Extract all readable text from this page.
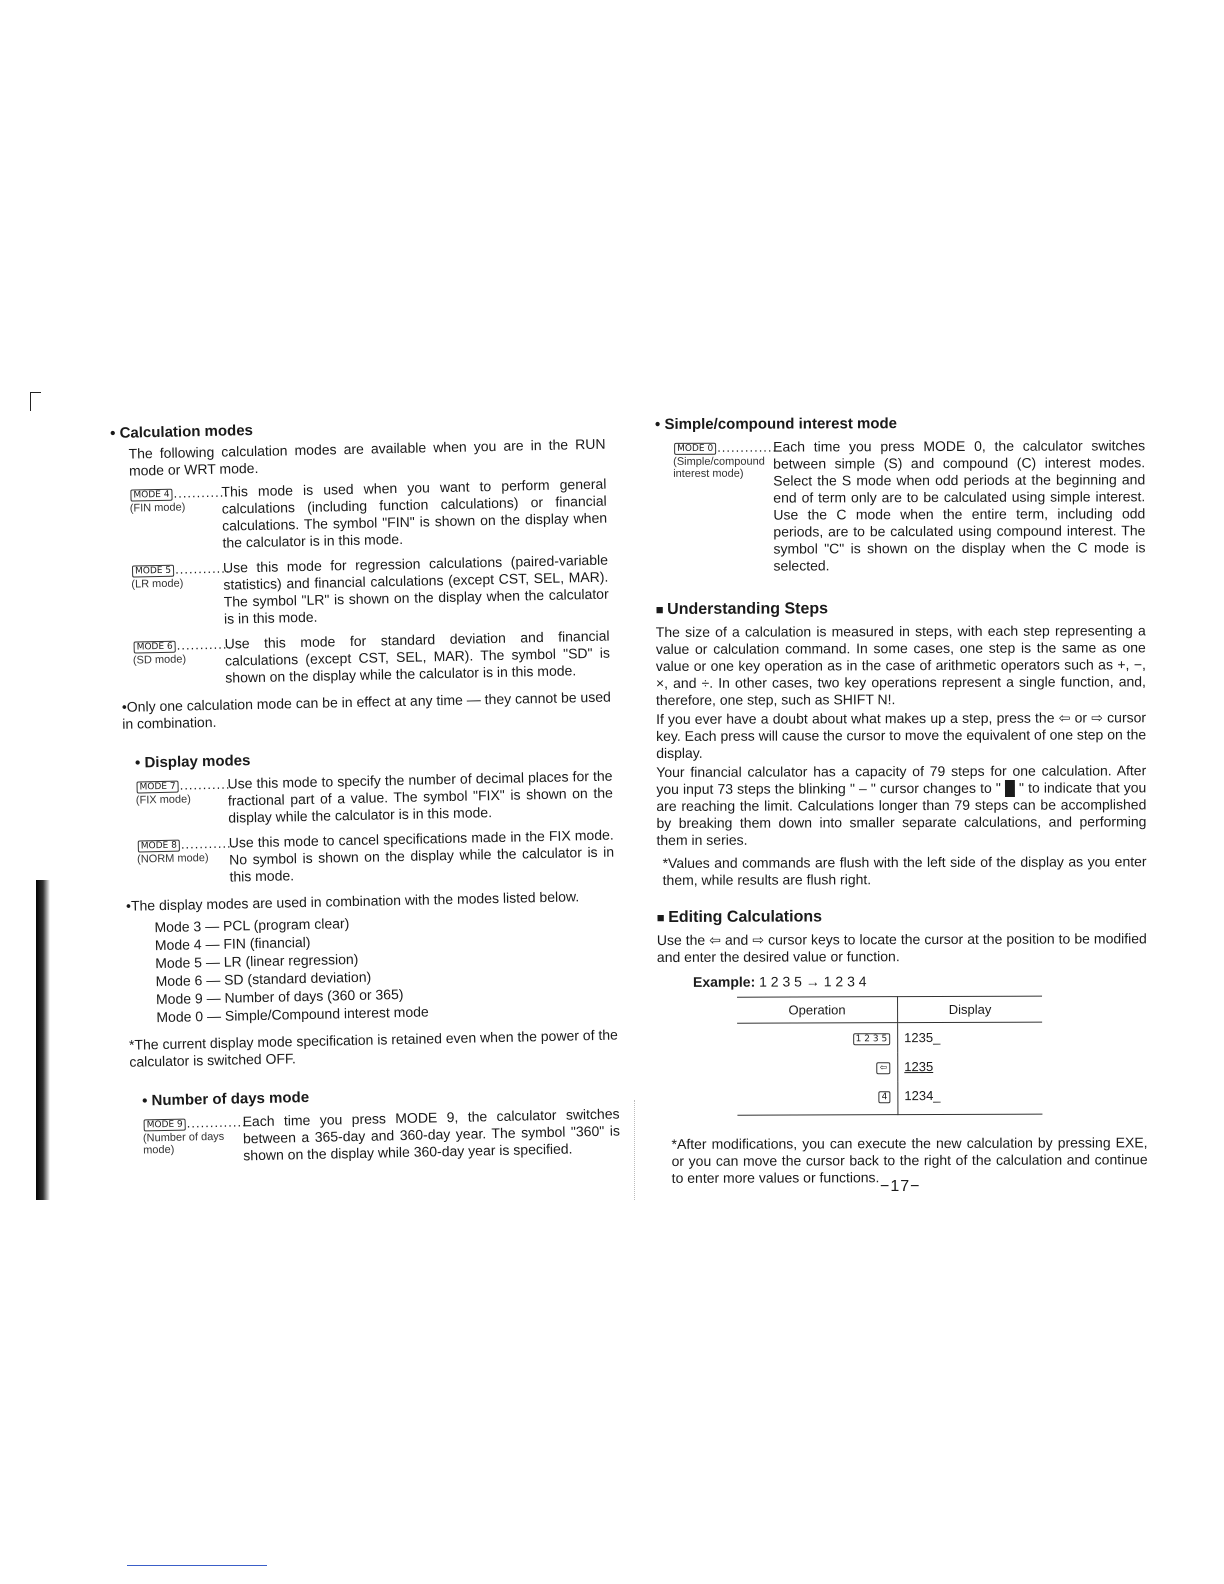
• Calculation modes

The following calculation modes are available when you are in the RUN mode or WRT mode.

MODE 4 ............
(FIN mode)
This mode is used when you want to perform general calculations (including function calculations) or financial calculations. The symbol "FIN" is shown on the display when the calculator is in this mode.
MODE 5 ............
(LR mode)
Use this mode for regression calculations (paired-variable statistics) and financial calculations (except CST, SEL, MAR). The symbol "LR" is shown on the display when the calculator is in this mode.
MODE 6 ............
(SD mode)
Use this mode for standard deviation and financial calculations (except CST, SEL, MAR). The symbol "SD" is shown on the display while the calculator is in this mode.

•Only one calculation mode can be in effect at any time — they cannot be used in combination.

• Display modes
MODE 7 ............
(FIX mode)
Use this mode to specify the number of decimal places for the fractional part of a value. The symbol "FIX" is shown on the display while the calculator is in this mode.
MODE 8 ............
(NORM mode)
Use this mode to cancel specifications made in the FIX mode. No symbol is shown on the display while the calculator is in this mode.

•The display modes are used in combination with the modes listed below.

Mode 3 — PCL (program clear)
Mode 4 — FIN (financial)
Mode 5 — LR (linear regression)
Mode 6 — SD (standard deviation)
Mode 9 — Number of days (360 or 365)
Mode 0 — Simple/Compound interest mode

*The current display mode specification is retained even when the power of the calculator is switched OFF.

• Number of days mode
MODE 9 .............
(Number of days mode)
Each time you press MODE 9, the calculator switches between a 365-day and 360-day year. The symbol "360" is shown on the display while 360-day year is specified.
• Simple/compound interest mode
MODE 0 .............
(Simple/compound interest mode)
Each time you press MODE 0, the calculator switches between simple (S) and compound (C) interest modes. Select the S mode when odd periods at the beginning and end of term only are to be calculated using simple interest. Use the C mode when the entire term, including odd periods, are to be calculated using compound interest. The symbol "C" is shown on the display when the C mode is selected.
■ Understanding Steps

The size of a calculation is measured in steps, with each step representing a value or calculation command. In some cases, one step is the same as one value or one key operation as in the case of arithmetic operators such as +, −, ×, and ÷. In other cases, two key operations represent a single function, and, therefore, one step, such as SHIFT N!.

If you ever have a doubt about what makes up a step, press the ⇦ or ⇨ cursor key. Each press will cause the cursor to move the equivalent of one step on the display.

Your financial calculator has a capacity of 79 steps for one calculation. After you input 73 steps the blinking " – " cursor changes to " █ " to indicate that you are reaching the limit. Calculations longer than 79 steps can be accomplished by breaking them down into smaller separate calculations, and performing them in series.

*Values and commands are flush with the left side of the display as you enter them, while results are flush right.

■ Editing Calculations

Use the ⇦ and ⇨ cursor keys to locate the cursor at the position to be modified and enter the desired value or function.

Example: 1 2 3 5 → 1 2 3 4
Operation	Display
1 2 3 5	1235_
⇦	1235
4	1234_

*After modifications, you can execute the new calculation by pressing EXE, or you can move the cursor back to the right of the calculation and continue to enter more values or functions.

−17−
